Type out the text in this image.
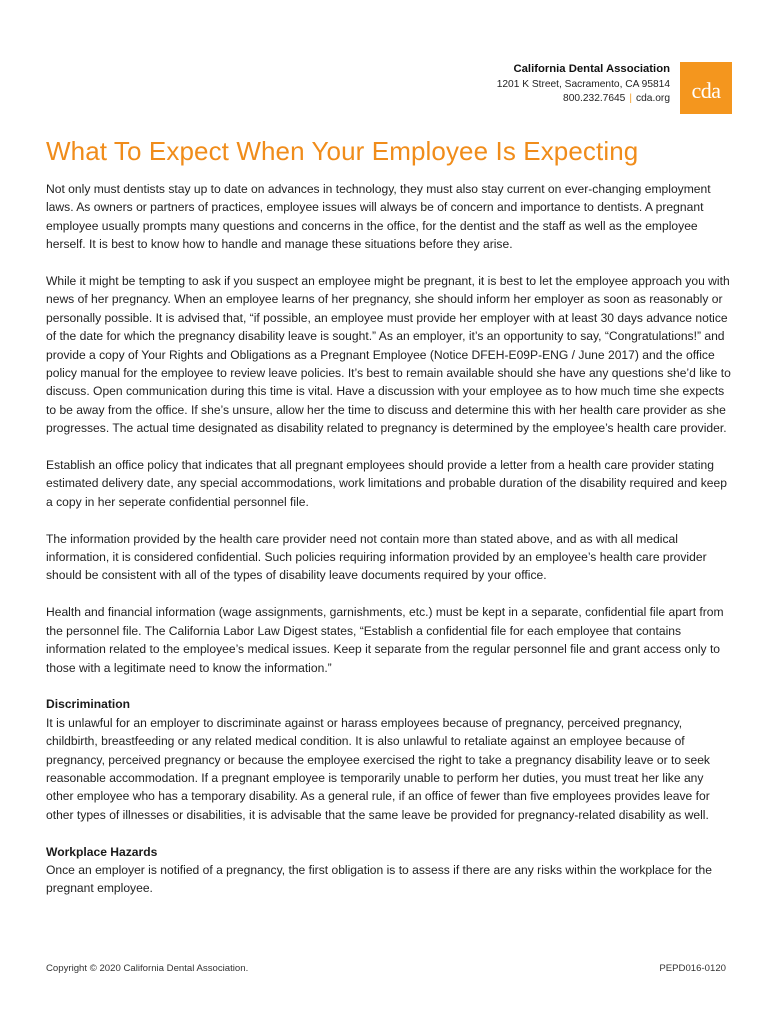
California Dental Association
1201 K Street, Sacramento, CA 95814
800.232.7645 | cda.org cda
What To Expect When Your Employee Is Expecting

Not only must dentists stay up to date on advances in technology, they must also stay current on ever-changing employment laws. As owners or partners of practices, employee issues will always be of concern and importance to dentists. A pregnant employee usually prompts many questions and concerns in the office, for the dentist and the staff as well as the employee herself. It is best to know how to handle and manage these situations before they arise.

While it might be tempting to ask if you suspect an employee might be pregnant, it is best to let the employee approach you with news of her pregnancy. When an employee learns of her pregnancy, she should inform her employer as soon as reasonably or personally possible. It is advised that, “if possible, an employee must provide her employer with at least 30 days advance notice of the date for which the pregnancy disability leave is sought.” As an employer, it’s an opportunity to say, “Congratulations!” and provide a copy of Your Rights and Obligations as a Pregnant Employee (Notice DFEH-E09P-ENG / June 2017) and the office policy manual for the employee to review leave policies. It’s best to remain available should she have any questions she’d like to discuss. Open communication during this time is vital. Have a discussion with your employee as to how much time she expects to be away from the office. If she’s unsure, allow her the time to discuss and determine this with her health care provider as she progresses. The actual time designated as disability related to pregnancy is determined by the employee’s health care provider.

Establish an office policy that indicates that all pregnant employees should provide a letter from a health care provider stating estimated delivery date, any special accommodations, work limitations and probable duration of the disability required and keep a copy in her seperate confidential personnel file.

The information provided by the health care provider need not contain more than stated above, and as with all medical information, it is considered confidential. Such policies requiring information provided by an employee’s health care provider should be consistent with all of the types of disability leave documents required by your office.

Health and financial information (wage assignments, garnishments, etc.) must be kept in a separate, confidential file apart from the personnel file. The California Labor Law Digest states, “Establish a confidential file for each employee that contains information related to the employee’s medical issues. Keep it separate from the regular personnel file and grant access only to those with a legitimate need to know the information.”

Discrimination

It is unlawful for an employer to discriminate against or harass employees because of pregnancy, perceived pregnancy, childbirth, breastfeeding or any related medical condition. It is also unlawful to retaliate against an employee because of pregnancy, perceived pregnancy or because the employee exercised the right to take a pregnancy disability leave or to seek reasonable accommodation. If a pregnant employee is temporarily unable to perform her duties, you must treat her like any other employee who has a temporary disability. As a general rule, if an office of fewer than five employees provides leave for other types of illnesses or disabilities, it is advisable that the same leave be provided for pregnancy-related disability as well.

Workplace Hazards

Once an employer is notified of a pregnancy, the first obligation is to assess if there are any risks within the workplace for the pregnant employee.

Copyright © 2020 California Dental Association.	PEPD016-0120
